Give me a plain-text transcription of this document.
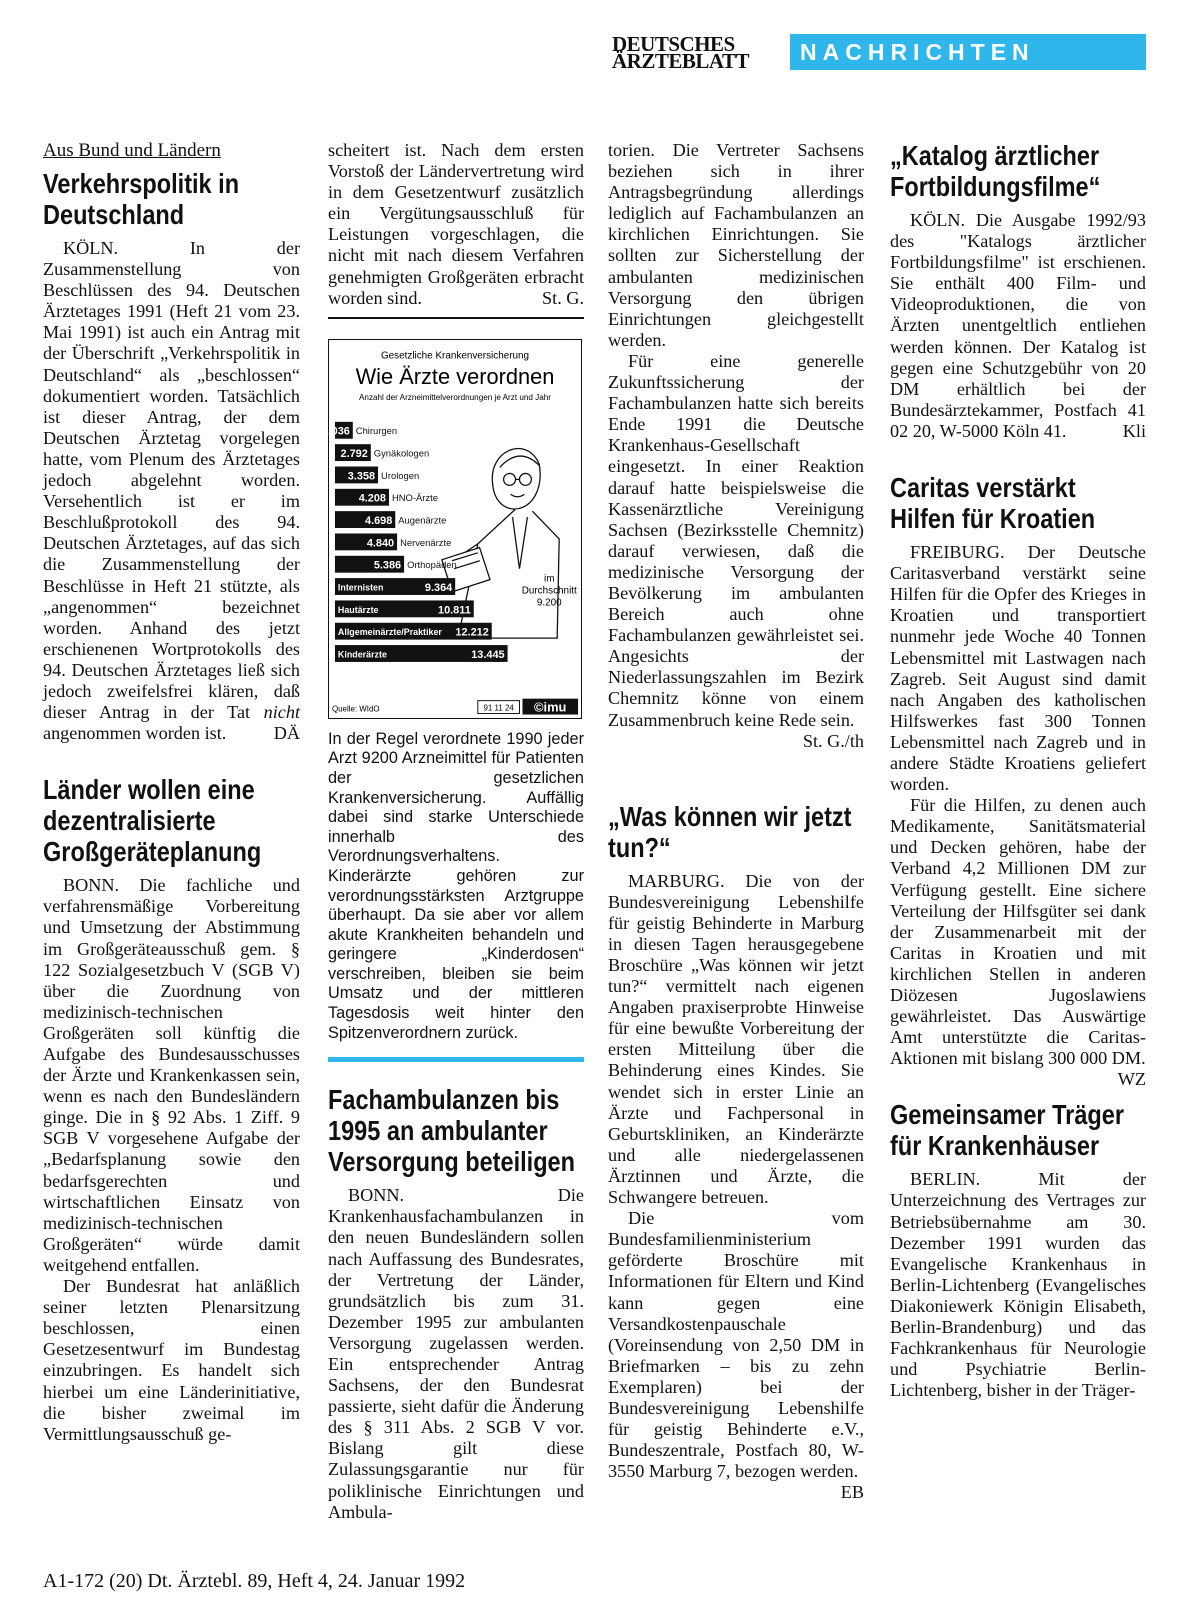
DEUTSCHES
ÄRZTEBLATT	NACHRICHTEN
Aus Bund und Ländern
Verkehrspolitik in Deutschland

KÖLN. In der Zusammenstellung von Beschlüssen des 94. Deutschen Ärztetages 1991 (Heft 21 vom 23. Mai 1991) ist auch ein Antrag mit der Überschrift „Verkehrspolitik in Deutschland“ als „beschlossen“ dokumentiert worden. Tatsächlich ist dieser Antrag, der dem Deutschen Ärztetag vorgelegen hatte, vom Plenum des Ärztetages jedoch abgelehnt worden. Versehentlich ist er im Beschlußprotokoll des 94. Deutschen Ärztetages, auf das sich die Zusammenstellung der Beschlüsse in Heft 21 stützte, als „angenommen“ bezeichnet worden. Anhand des jetzt erschienenen Wortprotokolls des 94. Deutschen Ärztetages ließ sich jedoch zweifelsfrei klären, daß dieser Antrag in der Tat nicht angenommen worden ist.	DÄ

Länder wollen eine dezentralisierte Großgeräteplanung

BONN. Die fachliche und verfahrensmäßige Vorbereitung und Umsetzung der Abstimmung im Großgeräteausschuß gem. § 122 Sozialgesetzbuch V (SGB V) über die Zuordnung von medizinisch-technischen Großgeräten soll künftig die Aufgabe des Bundesausschusses der Ärzte und Krankenkassen sein, wenn es nach den Bundesländern ginge. Die in § 92 Abs. 1 Ziff. 9 SGB V vorgesehene Aufgabe der „Bedarfsplanung sowie den bedarfsgerechten und wirtschaftlichen Einsatz von medizinisch-technischen Großgeräten“ würde damit weitgehend entfallen.

Der Bundesrat hat anläßlich seiner letzten Plenarsitzung beschlossen, einen Gesetzesentwurf im Bundestag einzubringen. Es handelt sich hierbei um eine Länderinitiative, die bisher zweimal im Vermittlungsausschuß ge-

scheitert ist. Nach dem ersten Vorstoß der Ländervertretung wird in dem Gesetzentwurf zusätzlich ein Vergütungsausschluß für Leistungen vorgeschlagen, die nicht mit nach diesem Verfahren genehmigten Großgeräten erbracht worden sind.	St. G.

Gesetzliche Krankenversicherung
Wie Ärzte verordnen
Anzahl der Arzneimittelverordnungen je Arzt und Jahr
1.036 Chirurgen
2.792 Gynäkologen
3.358 Urologen
4.208 HNO-Ärzte
4.698 Augenärzte
4.840 Nervenärzte
5.386 Orthopäden
9.364
Internisten
10.811
Hautärzte
12.212
Allgemeinärzte/Praktiker
13.445
Kinderärzte
im
Durchschnitt
9.200
Quelle: WIdO	91 11 24 ©imu

In der Regel verordnete 1990 jeder Arzt 9200 Arzneimittel für Patienten der gesetzlichen Krankenversicherung. Auffällig dabei sind starke Unterschiede innerhalb des Verordnungsverhaltens. Kinderärzte gehören zur verordnungsstärksten Arztgruppe überhaupt. Da sie aber vor allem akute Krankheiten behandeln und geringere „Kinderdosen“ verschreiben, bleiben sie beim Umsatz und der mittleren Tagesdosis weit hinter den Spitzenverordnern zurück.

Fachambulanzen bis 1995 an ambulanter Versorgung beteiligen

BONN. Die Krankenhausfachambulanzen in den neuen Bundesländern sollen nach Auffassung des Bundesrates, der Vertretung der Länder, grundsätzlich bis zum 31. Dezember 1995 zur ambulanten Versorgung zugelassen werden. Ein entsprechender Antrag Sachsens, der den Bundesrat passierte, sieht dafür die Änderung des § 311 Abs. 2 SGB V vor. Bislang gilt diese Zulassungsgarantie nur für poliklinische Einrichtungen und Ambula-

torien. Die Vertreter Sachsens beziehen sich in ihrer Antragsbegründung allerdings lediglich auf Fachambulanzen an kirchlichen Einrichtungen. Sie sollten zur Sicherstellung der ambulanten medizinischen Versorgung den übrigen Einrichtungen gleichgestellt werden.

Für eine generelle Zukunftssicherung der Fachambulanzen hatte sich bereits Ende 1991 die Deutsche Krankenhaus-Gesellschaft eingesetzt. In einer Reaktion darauf hatte beispielsweise die Kassenärztliche Vereinigung Sachsen (Bezirksstelle Chemnitz) darauf verwiesen, daß die medizinische Versorgung der Bevölkerung im ambulanten Bereich auch ohne Fachambulanzen gewährleistet sei. Angesichts der Niederlassungszahlen im Bezirk Chemnitz könne von einem Zusammenbruch keine Rede sein.
St. G./th

„Was können wir jetzt tun?“

MARBURG. Die von der Bundesvereinigung Lebenshilfe für geistig Behinderte in Marburg in diesen Tagen herausgegebene Broschüre „Was können wir jetzt tun?“ vermittelt nach eigenen Angaben praxiserprobte Hinweise für eine bewußte Vorbereitung der ersten Mitteilung über die Behinderung eines Kindes. Sie wendet sich in erster Linie an Ärzte und Fachpersonal in Geburtskliniken, an Kinderärzte und alle niedergelassenen Ärztinnen und Ärzte, die Schwangere betreuen.

Die vom Bundesfamilienministerium geförderte Broschüre mit Informationen für Eltern und Kind kann gegen eine Versandkostenpauschale (Voreinsendung von 2,50 DM in Briefmarken – bis zu zehn Exemplaren) bei der Bundesvereinigung Lebenshilfe für geistig Behinderte e.V., Bundeszentrale, Postfach 80, W-3550 Marburg 7, bezogen werden.
EB

„Katalog ärztlicher Fortbildungsfilme“

KÖLN. Die Ausgabe 1992/93 des "Katalogs ärztlicher Fortbildungsfilme" ist erschienen. Sie enthält 400 Film- und Videoproduktionen, die von Ärzten unentgeltlich entliehen werden können. Der Katalog ist gegen eine Schutzgebühr von 20 DM erhältlich bei der Bundesärztekammer, Postfach 41 02 20, W-5000 Köln 41.	Kli

Caritas verstärkt Hilfen für Kroatien

FREIBURG. Der Deutsche Caritasverband verstärkt seine Hilfen für die Opfer des Krieges in Kroatien und transportiert nunmehr jede Woche 40 Tonnen Lebensmittel mit Lastwagen nach Zagreb. Seit August sind damit nach Angaben des katholischen Hilfswerkes fast 300 Tonnen Lebensmittel nach Zagreb und in andere Städte Kroatiens geliefert worden.

Für die Hilfen, zu denen auch Medikamente, Sanitätsmaterial und Decken gehören, habe der Verband 4,2 Millionen DM zur Verfügung gestellt. Eine sichere Verteilung der Hilfsgüter sei dank der Zusammenarbeit mit der Caritas in Kroatien und mit kirchlichen Stellen in anderen Diözesen Jugoslawiens gewährleistet. Das Auswärtige Amt unterstützte die Caritas-Aktionen mit bislang 300 000 DM.
WZ

Gemeinsamer Träger für Krankenhäuser

BERLIN. Mit der Unterzeichnung des Vertrages zur Betriebsübernahme am 30. Dezember 1991 wurden das Evangelische Krankenhaus in Berlin-Lichtenberg (Evangelisches Diakoniewerk Königin Elisabeth, Berlin-Brandenburg) und das Fachkrankenhaus für Neurologie und Psychiatrie Berlin-Lichtenberg, bisher in der Träger-

A1-172 (20) Dt. Ärztebl. 89, Heft 4, 24. Januar 1992
